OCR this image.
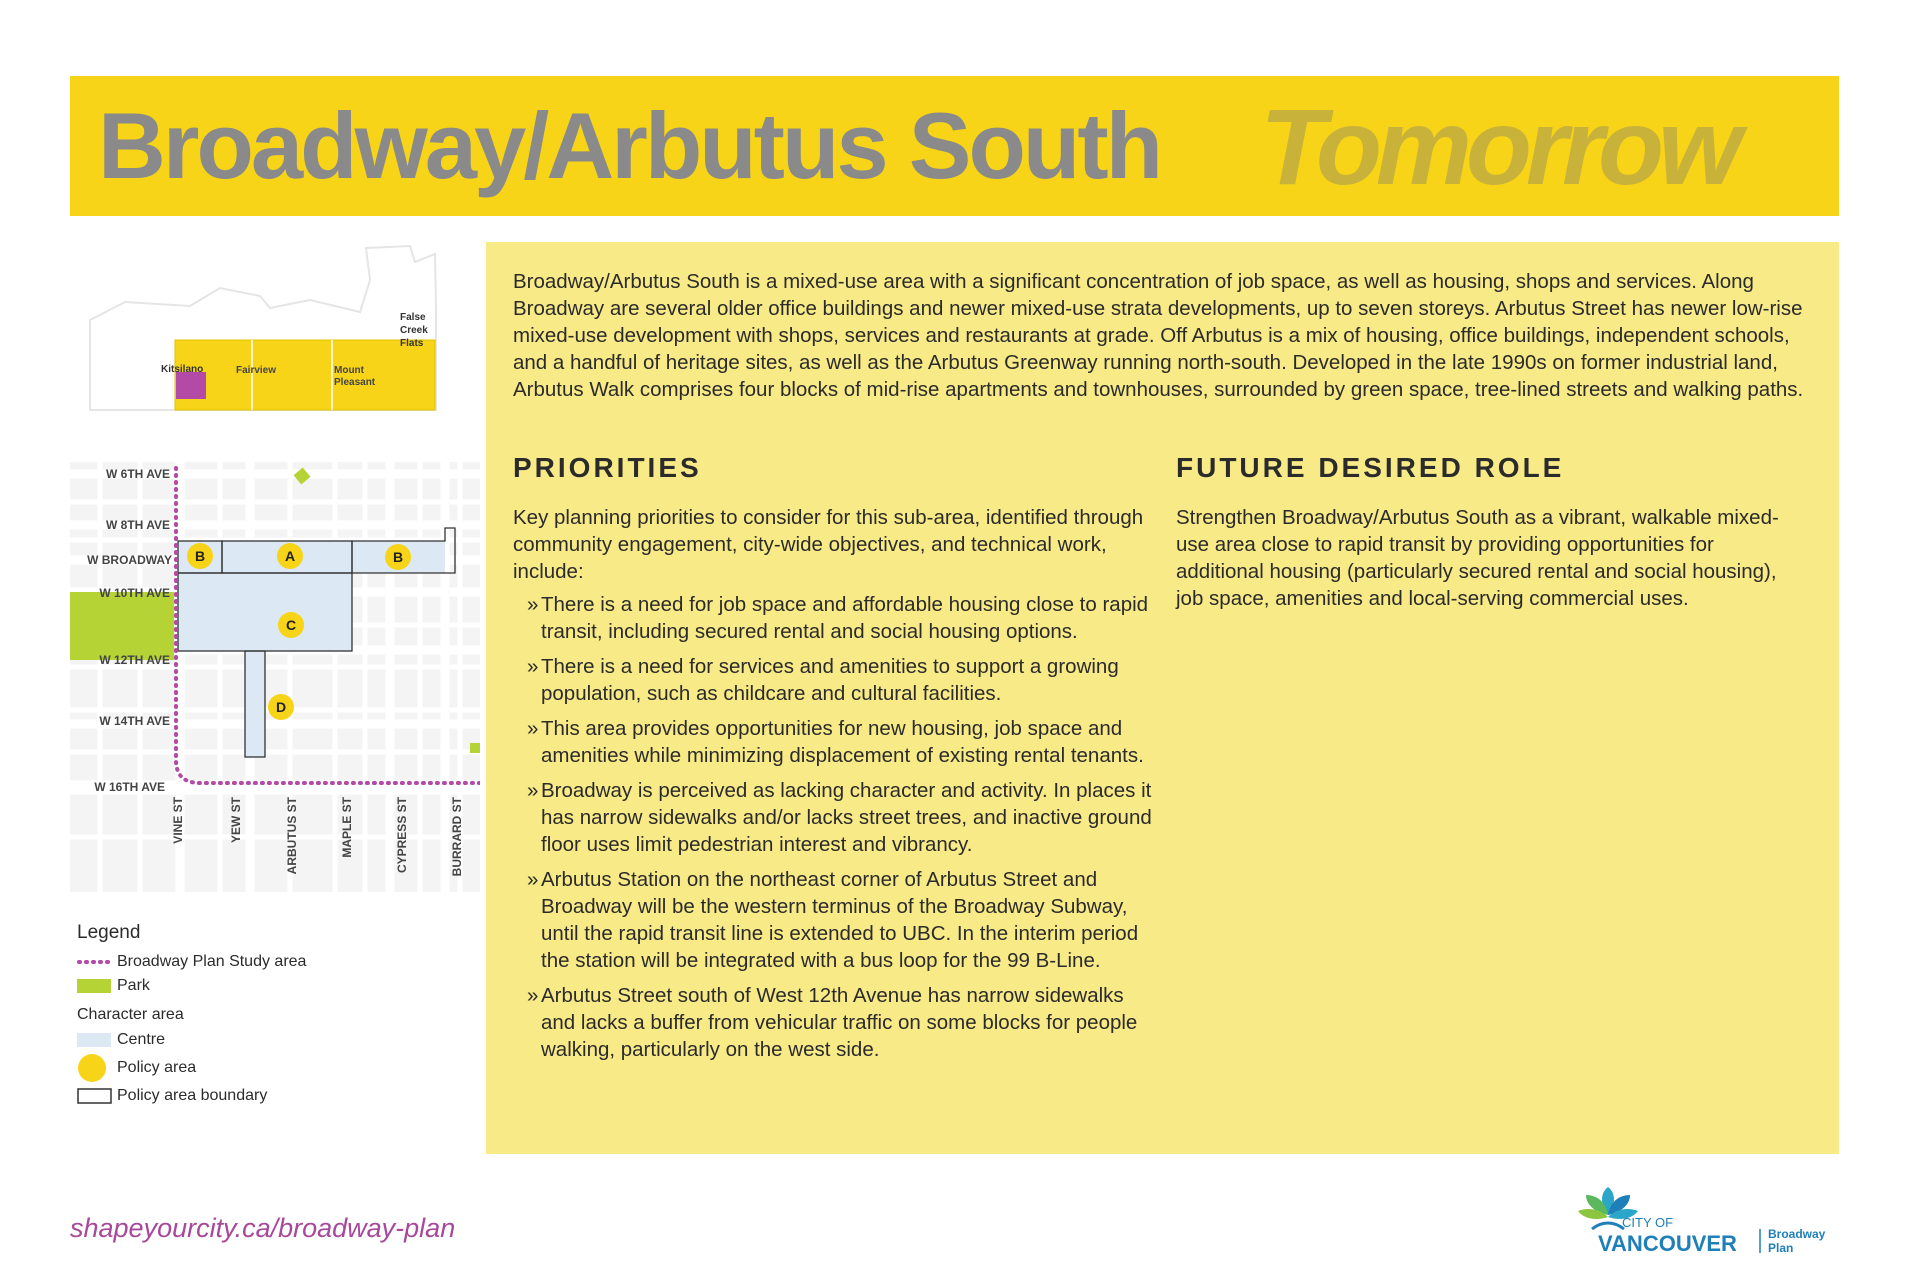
Broadway/Arbutus South Tomorrow
Kitsilano	Fairview	Mount
Pleasant
False
Creek
Flats
B	A	B
C
D
W 6TH AVE
W 8TH AVE
W BROADWAY
W 10TH AVE
W 12TH AVE
W 14TH AVE
W 16TH AVE
VINE ST	YEW ST	ARBUTUS ST	MAPLE ST	CYPRESS ST	BURRARD ST
Legend
Broadway Plan Study area
Park
Character area
Centre
Policy area
Policy area boundary

Broadway/Arbutus South is a mixed-use area with a significant concentration of job space, as well as housing, shops and services. Along Broadway are several older office buildings and newer mixed-use strata developments, up to seven storeys. Arbutus Street has newer low-rise mixed-use development with shops, services and restaurants at grade. Off Arbutus is a mix of housing, office buildings, independent schools, and a handful of heritage sites, as well as the Arbutus Greenway running north-south. Developed in the late 1990s on former industrial land, Arbutus Walk comprises four blocks of mid-rise apartments and townhouses, surrounded by green space, tree-lined streets and walking paths.

PRIORITIES

Key planning priorities to consider for this sub-area, identified through community engagement, city-wide objectives, and technical work, include:

» There is a need for job space and affordable housing close to rapid transit, including secured rental and social housing options.
» There is a need for services and amenities to support a growing population, such as childcare and cultural facilities.
» This area provides opportunities for new housing, job space and amenities while minimizing displacement of existing rental tenants.
» Broadway is perceived as lacking character and activity. In places it has narrow sidewalks and/or lacks street trees, and inactive ground floor uses limit pedestrian interest and vibrancy.
» Arbutus Station on the northeast corner of Arbutus Street and Broadway will be the western terminus of the Broadway Subway, until the rapid transit line is extended to UBC. In the interim period the station will be integrated with a bus loop for the 99 B-Line.
» Arbutus Street south of West 12th Avenue has narrow sidewalks and lacks a buffer from vehicular traffic on some blocks for people walking, particularly on the west side.
FUTURE DESIRED ROLE

Strengthen Broadway/Arbutus South as a vibrant, walkable mixed-use area close to rapid transit by providing opportunities for additional housing (particularly secured rental and social housing), job space, amenities and local-serving commercial uses.

shapeyourcity.ca/broadway-plan	CITY OF
VANCOUVER	Broadway
Plan
